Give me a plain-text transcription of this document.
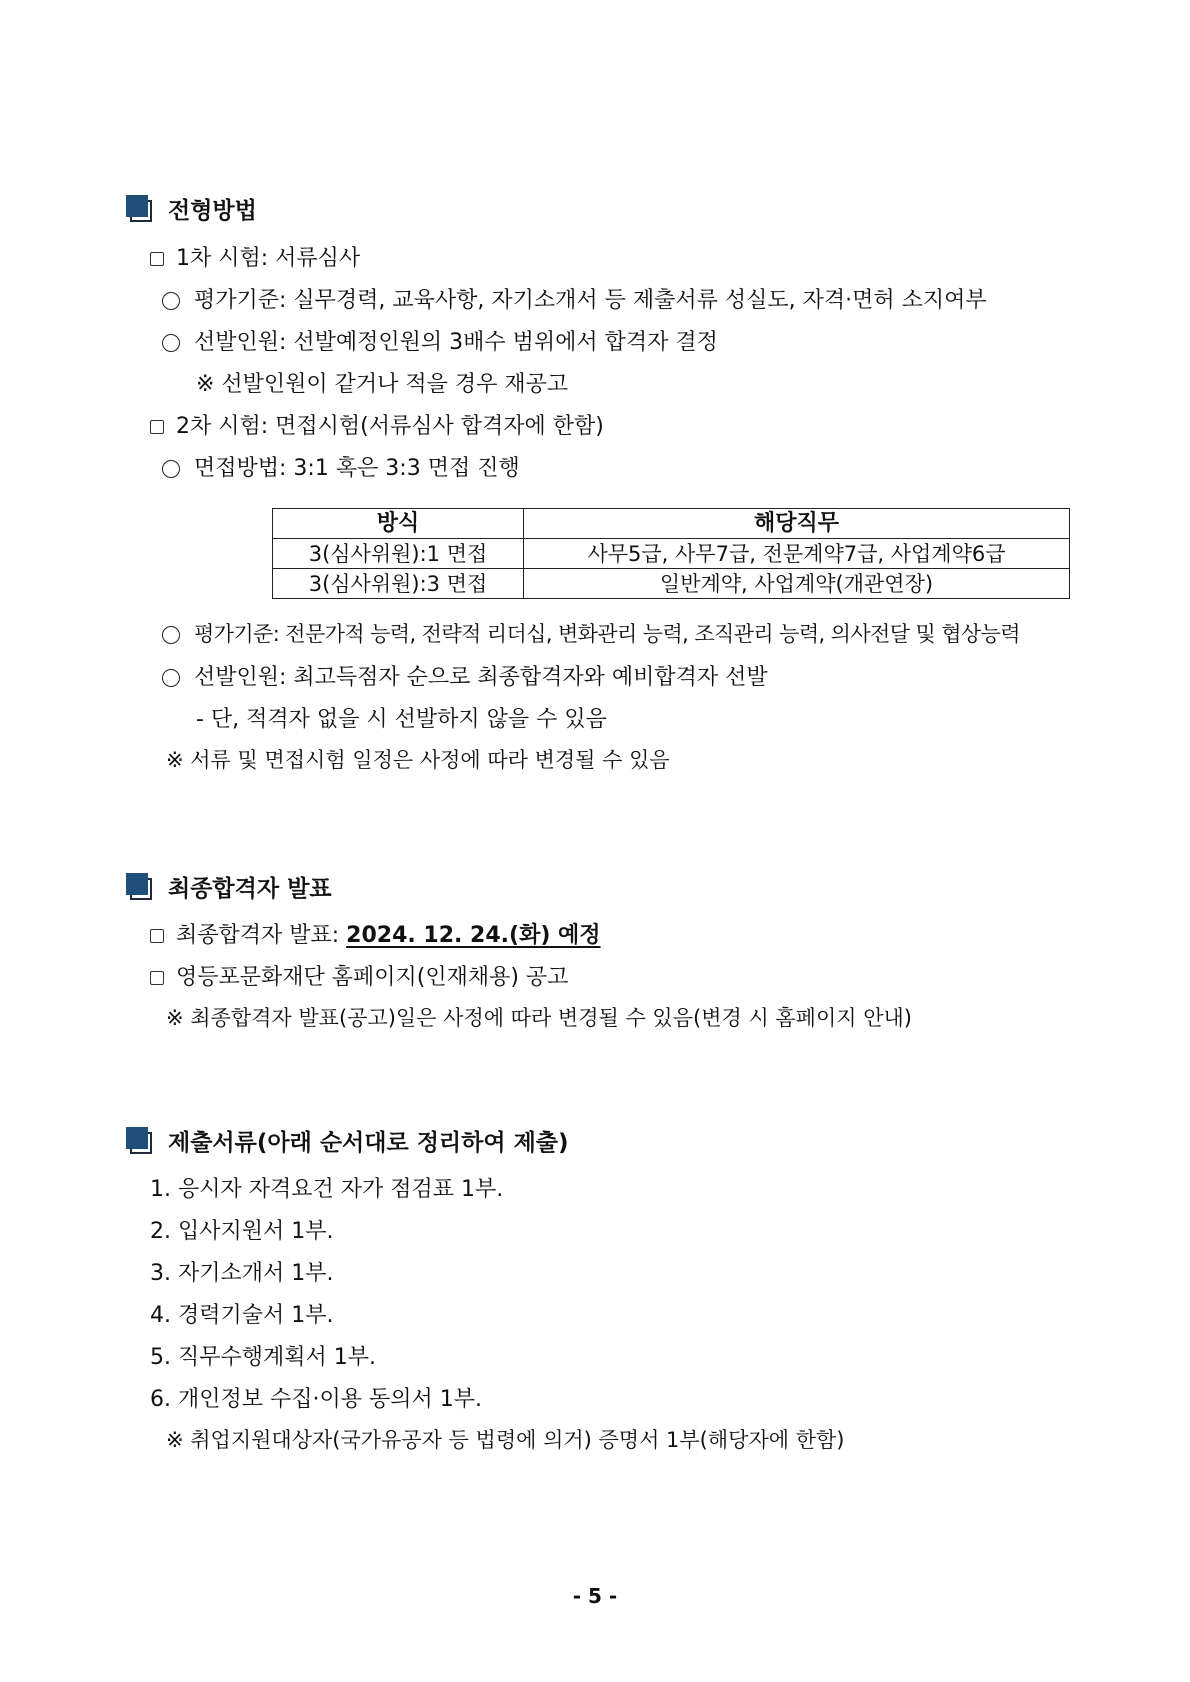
전형방법
1차 시험: 서류심사
평가기준: 실무경력, 교육사항, 자기소개서 등 제출서류 성실도, 자격·면허 소지여부
선발인원: 선발예정인원의 3배수 범위에서 합격자 결정
※ 선발인원이 같거나 적을 경우 재공고
2차 시험: 면접시험(서류심사 합격자에 한함)
면접방법: 3:1 혹은 3:3 면접 진행
방식	해당직무
3(심사위원):1 면접	사무5급, 사무7급, 전문계약7급, 사업계약6급
3(심사위원):3 면접	일반계약, 사업계약(개관연장)
평가기준: 전문가적 능력, 전략적 리더십, 변화관리 능력, 조직관리 능력, 의사전달 및 협상능력
선발인원: 최고득점자 순으로 최종합격자와 예비합격자 선발
- 단, 적격자 없을 시 선발하지 않을 수 있음
※ 서류 및 면접시험 일정은 사정에 따라 변경될 수 있음
최종합격자 발표
최종합격자 발표: 2024. 12. 24.(화) 예정
영등포문화재단 홈페이지(인재채용) 공고
※ 최종합격자 발표(공고)일은 사정에 따라 변경될 수 있음(변경 시 홈페이지 안내)
제출서류(아래 순서대로 정리하여 제출)
1. 응시자 자격요건 자가 점검표 1부.
2. 입사지원서 1부.
3. 자기소개서 1부.
4. 경력기술서 1부.
5. 직무수행계획서 1부.
6. 개인정보 수집·이용 동의서 1부.
※ 취업지원대상자(국가유공자 등 법령에 의거) 증명서 1부(해당자에 한함)
- 5 -
